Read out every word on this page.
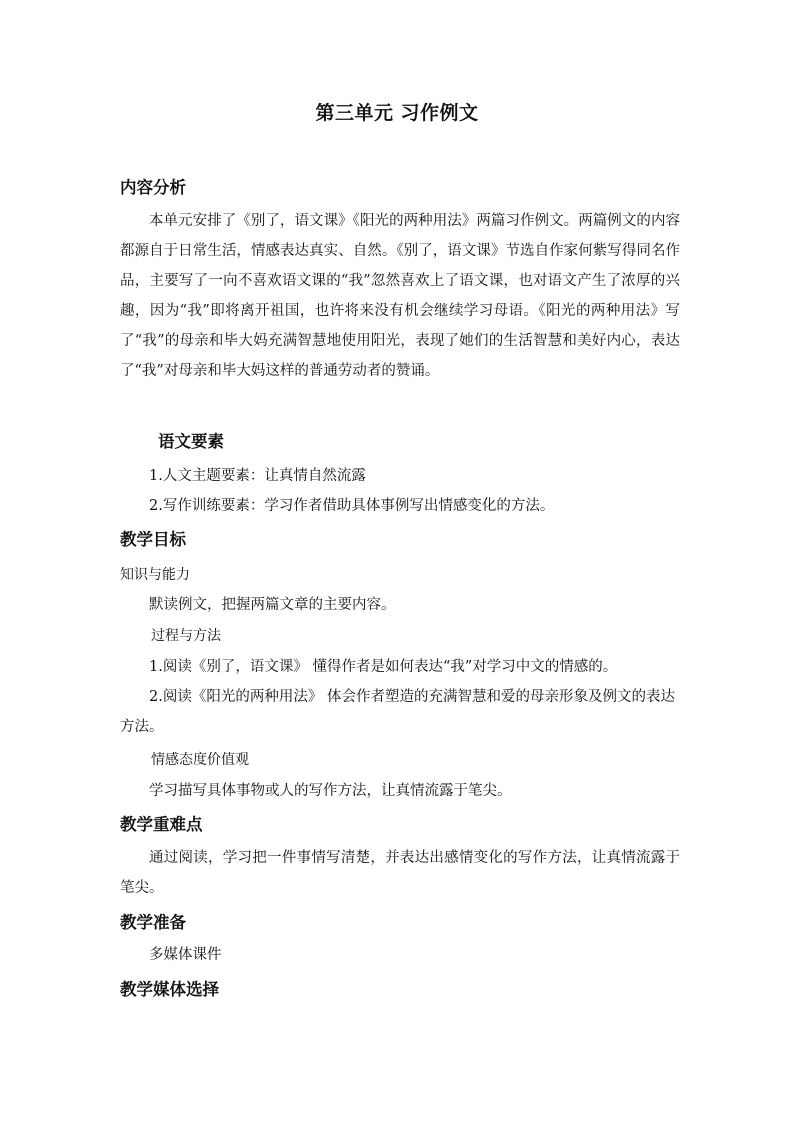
第三单元 习作例文
内容分析
本单元安排了《别了，语文课》《阳光的两种用法》两篇习作例文。两篇例文的内容都源自于日常生活，情感表达真实、自然。《别了，语文课》节选自作家何紫写得同名作品，主要写了一向不喜欢语文课的“我”忽然喜欢上了语文课，也对语文产生了浓厚的兴趣，因为“我”即将离开祖国，也许将来没有机会继续学习母语。《阳光的两种用法》写了“我”的母亲和毕大妈充满智慧地使用阳光，表现了她们的生活智慧和美好内心，表达了“我”对母亲和毕大妈这样的普通劳动者的赞诵。
语文要素
1.人文主题要素：让真情自然流露
2.写作训练要素：学习作者借助具体事例写出情感变化的方法。
教学目标
知识与能力
默读例文，把握两篇文章的主要内容。
过程与方法
1.阅读《别了，语文课》 懂得作者是如何表达“我”对学习中文的情感的。
2.阅读《阳光的两种用法》 体会作者塑造的充满智慧和爱的母亲形象及例文的表达方法。
情感态度价值观
学习描写具体事物或人的写作方法，让真情流露于笔尖。
教学重难点
通过阅读，学习把一件事情写清楚，并表达出感情变化的写作方法，让真情流露于笔尖。
教学准备
多媒体课件
教学媒体选择
